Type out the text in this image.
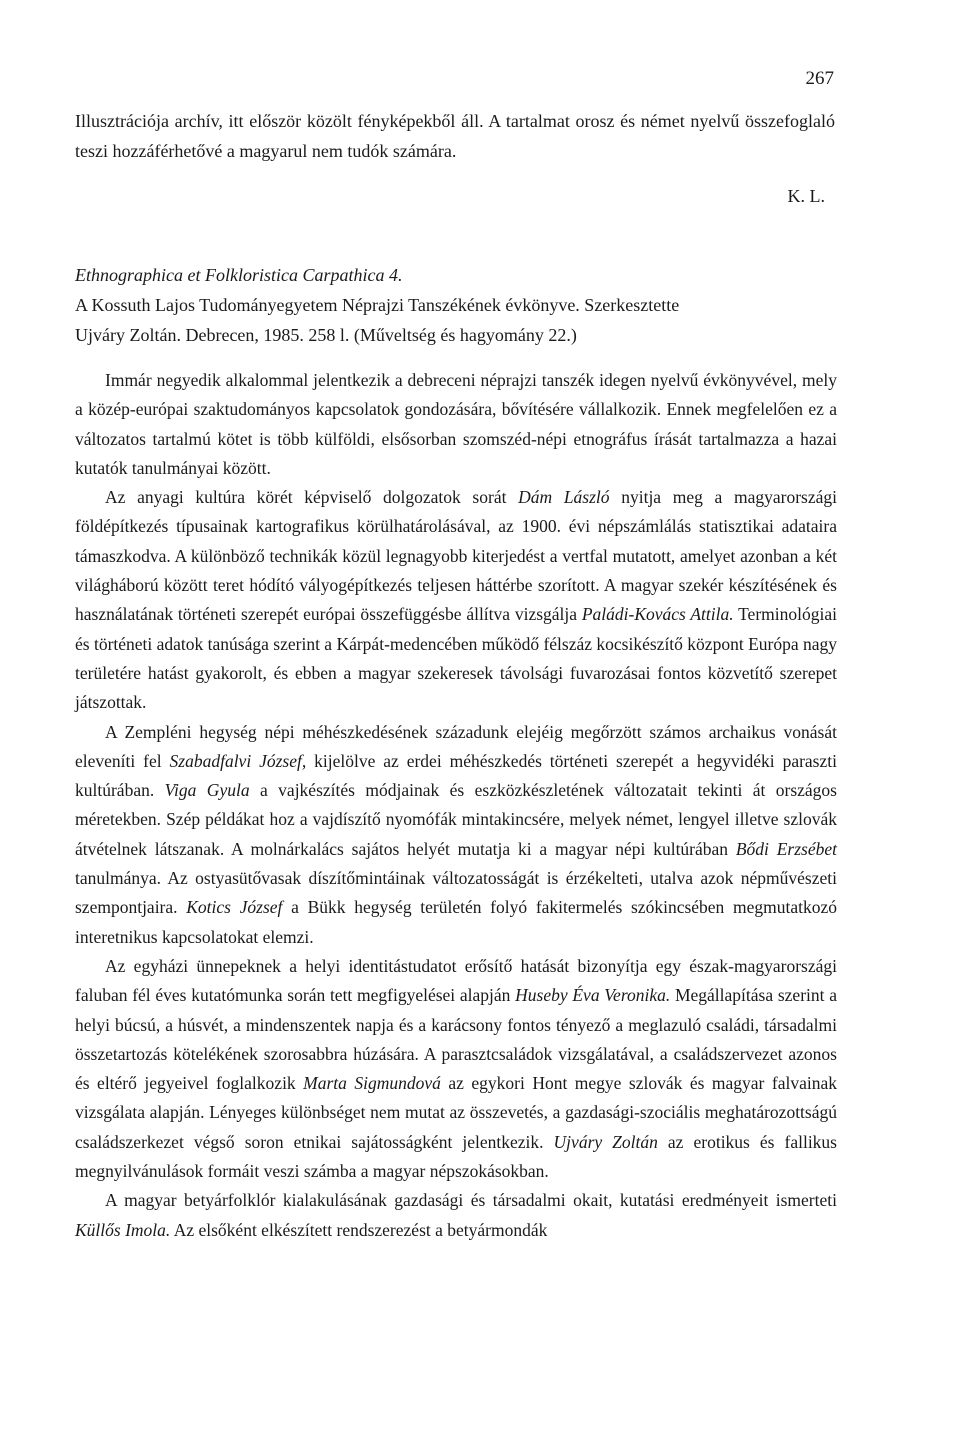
267

Illusztrációja archív, itt először közölt fényképekből áll. A tartalmat orosz és német nyelvű összefoglaló teszi hozzáférhetővé a magyarul nem tudók számára.

K. L.
Ethnographica et Folkloristica Carpathica 4.
A Kossuth Lajos Tudományegyetem Néprajzi Tanszékének évkönyve. Szerkesztette
Ujváry Zoltán. Debrecen, 1985. 258 l. (Műveltség és hagyomány 22.)

Immár negyedik alkalommal jelentkezik a debreceni néprajzi tanszék idegen nyelvű évkönyvével, mely a közép-európai szaktudományos kapcsolatok gondozására, bővítésére vállalkozik. Ennek megfelelően ez a változatos tartalmú kötet is több külföldi, elsősorban szomszéd-népi etnográfus írását tartalmazza a hazai kutatók tanulmányai között.

Az anyagi kultúra körét képviselő dolgozatok sorát Dám László nyitja meg a magyarországi földépítkezés típusainak kartografikus körülhatárolásával, az 1900. évi népszámlálás statisztikai adataira támaszkodva. A különböző technikák közül legnagyobb kiterjedést a vertfal mutatott, amelyet azonban a két világháború között teret hódító vályogépítkezés teljesen háttérbe szorított. A magyar szekér készítésének és használatának történeti szerepét európai összefüggésbe állítva vizsgálja Paládi-Kovács Attila. Terminológiai és történeti adatok tanúsága szerint a Kárpát-medencében működő félszáz kocsikészítő központ Európa nagy területére hatást gyakorolt, és ebben a magyar szekeresek távolsági fuvarozásai fontos közvetítő szerepet játszottak.

A Zempléni hegység népi méhészkedésének századunk elejéig megőrzött számos archaikus vonását eleveníti fel Szabadfalvi József, kijelölve az erdei méhészkedés történeti szerepét a hegyvidéki paraszti kultúrában. Viga Gyula a vajkészítés módjainak és eszközkészletének változatait tekinti át országos méretekben. Szép példákat hoz a vajdíszítő nyomófák mintakincsére, melyek német, lengyel illetve szlovák átvételnek látszanak. A molnárkalács sajátos helyét mutatja ki a magyar népi kultúrában Bődi Erzsébet tanulmánya. Az ostyasütővasak díszítőmintáinak változatosságát is érzékelteti, utalva azok népművészeti szempontjaira. Kotics József a Bükk hegység területén folyó fakitermelés szókincsében megmutatkozó interetnikus kapcsolatokat elemzi.

Az egyházi ünnepeknek a helyi identitástudatot erősítő hatását bizonyítja egy észak-magyarországi faluban fél éves kutatómunka során tett megfigyelései alapján Huseby Éva Veronika. Megállapítása szerint a helyi búcsú, a húsvét, a mindenszentek napja és a karácsony fontos tényező a meglazuló családi, társadalmi összetartozás kötelékének szorosabbra húzására. A parasztcsaládok vizsgálatával, a családszervezet azonos és eltérő jegyeivel foglalkozik Marta Sigmundová az egykori Hont megye szlovák és magyar falvainak vizsgálata alapján. Lényeges különbséget nem mutat az összevetés, a gazdasági-szociális meghatározottságú családszerkezet végső soron etnikai sajátosságként jelentkezik. Ujváry Zoltán az erotikus és fallikus megnyilvánulások formáit veszi számba a magyar népszokásokban.

A magyar betyárfolklór kialakulásának gazdasági és társadalmi okait, kutatási eredményeit ismerteti Küllős Imola. Az elsőként elkészített rendszerezést a betyármondák
